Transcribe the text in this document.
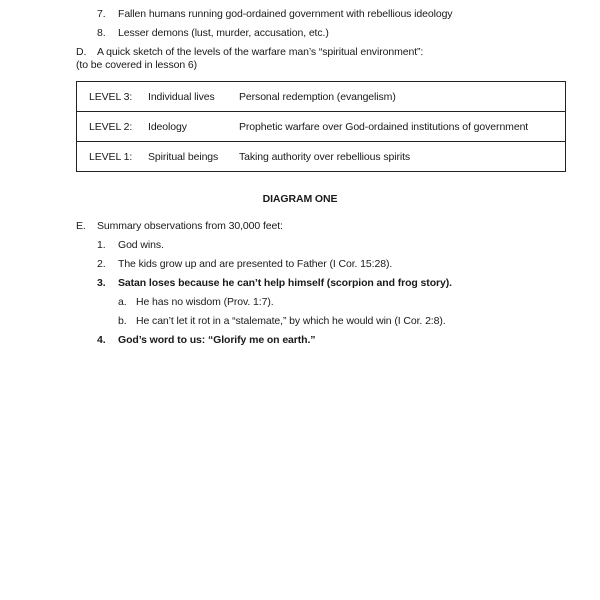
7. Fallen humans running god-ordained government with rebellious ideology
8. Lesser demons (lust, murder, accusation, etc.)
D. A quick sketch of the levels of the warfare man’s “spiritual environment”:
(to be covered in lesson 6)
LEVEL 3:	Individual lives	Personal redemption (evangelism)
LEVEL 2:	Ideology	Prophetic warfare over God-ordained institutions of government
LEVEL 1:	Spiritual beings	Taking authority over rebellious spirits
DIAGRAM ONE
E. Summary observations from 30,000 feet:
1. God wins.
2. The kids grow up and are presented to Father (I Cor. 15:28).
3. Satan loses because he can’t help himself (scorpion and frog story).
a. He has no wisdom (Prov. 1:7).
b. He can’t let it rot in a “stalemate,” by which he would win (I Cor. 2:8).
4. God’s word to us: “Glorify me on earth.”
